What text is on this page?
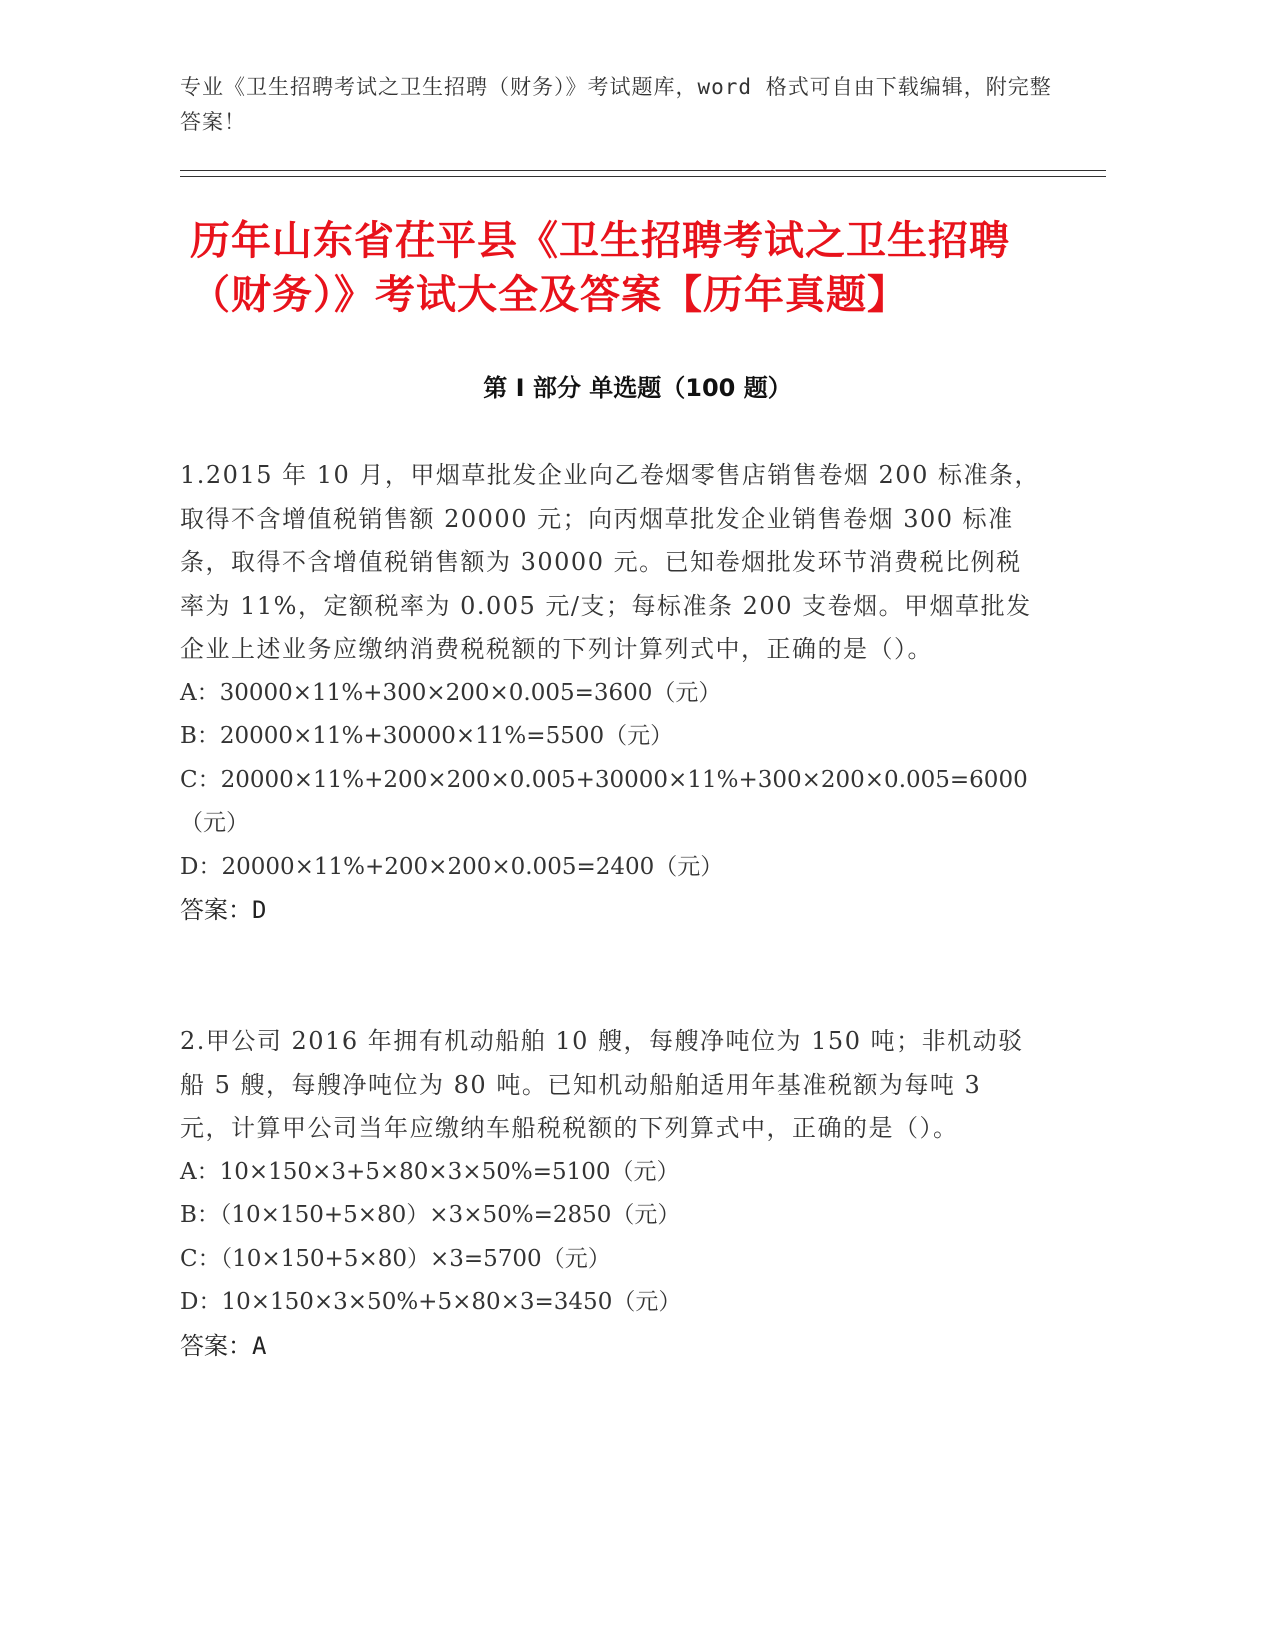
专业《卫生招聘考试之卫生招聘（财务）》考试题库，word 格式可自由下载编辑，附完整答案！
历年山东省茌平县《卫生招聘考试之卫生招聘（财务）》考试大全及答案【历年真题】
第 I 部分 单选题（100 题）

1.2015 年 10 月，甲烟草批发企业向乙卷烟零售店销售卷烟 200 标准条，取得不含增值税销售额 20000 元；向丙烟草批发企业销售卷烟 300 标准条，取得不含增值税销售额为 30000 元。已知卷烟批发环节消费税比例税率为 11%，定额税率为 0.005 元/支；每标准条 200 支卷烟。甲烟草批发企业上述业务应缴纳消费税税额的下列计算列式中，正确的是（）。

A：30000×11%+300×200×0.005=3600（元）

B：20000×11%+30000×11%=5500（元）

C：20000×11%+200×200×0.005+30000×11%+300×200×0.005=6000（元）

D：20000×11%+200×200×0.005=2400（元）

答案：D

2.甲公司 2016 年拥有机动船舶 10 艘，每艘净吨位为 150 吨；非机动驳船 5 艘，每艘净吨位为 80 吨。已知机动船舶适用年基准税额为每吨 3 元，计算甲公司当年应缴纳车船税税额的下列算式中，正确的是（）。

A：10×150×3+5×80×3×50%=5100（元）

B：（10×150+5×80）×3×50%=2850（元）

C：（10×150+5×80）×3=5700（元）

D：10×150×3×50%+5×80×3=3450（元）

答案：A
